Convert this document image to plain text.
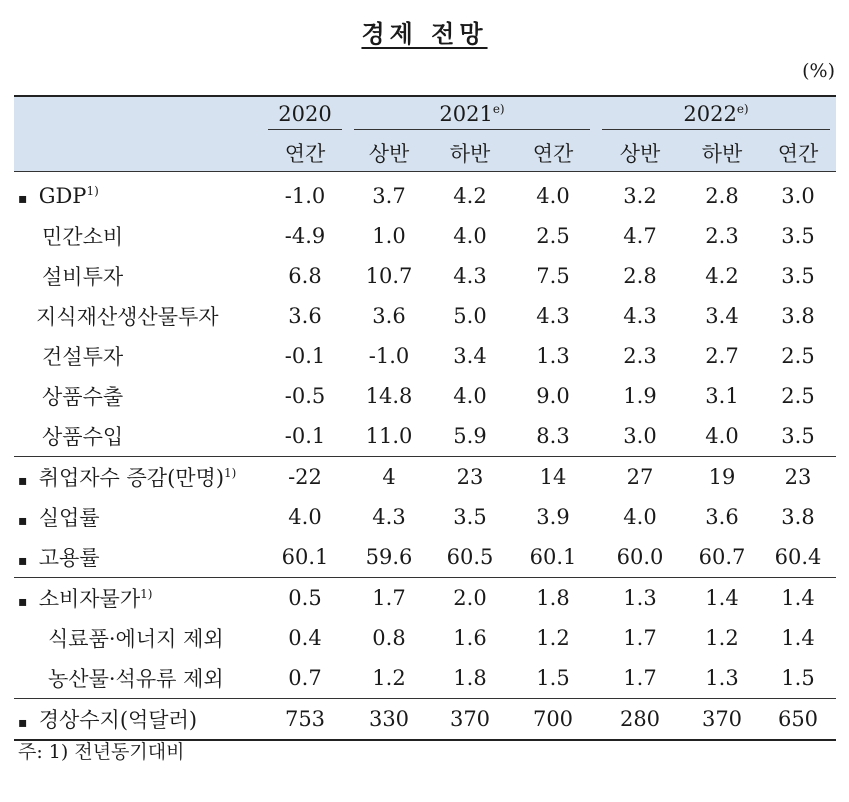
경제 전망
(%)

	2020	2021$^{e)}$			2022$^{e)}$

	연간	상반	하반	연간	상반	하반	연간
▪ GDP$^{1)}$	-1.0	3.7	4.2	4.0	3.2	2.8	3.0
민간소비	-4.9	1.0	4.0	2.5	4.7	2.3	3.5
설비투자	6.8	10.7	4.3	7.5	2.8	4.2	3.5
지식재산생산물투자	3.6	3.6	5.0	4.3	4.3	3.4	3.8
건설투자	-0.1	-1.0	3.4	1.3	2.3	2.7	2.5
상품수출	-0.5	14.8	4.0	9.0	1.9	3.1	2.5
상품수입	-0.1	11.0	5.9	8.3	3.0	4.0	3.5
▪ 취업자수 증감(만명)$^{1)}$	-22	4	23	14	27	19	23
▪ 실업률	4.0	4.3	3.5	3.9	4.0	3.6	3.8
▪ 고용률	60.1	59.6	60.5	60.1	60.0	60.7	60.4
▪ 소비자물가$^{1)}$	0.5	1.7	2.0	1.8	1.3	1.4	1.4
식료품·에너지 제외	0.4	0.8	1.6	1.2	1.7	1.2	1.4
농산물·석유류 제외	0.7	1.2	1.8	1.5	1.7	1.3	1.5
▪ 경상수지(억달러)	753	330	370	700	280	370	650
주: 1) 전년동기대비
